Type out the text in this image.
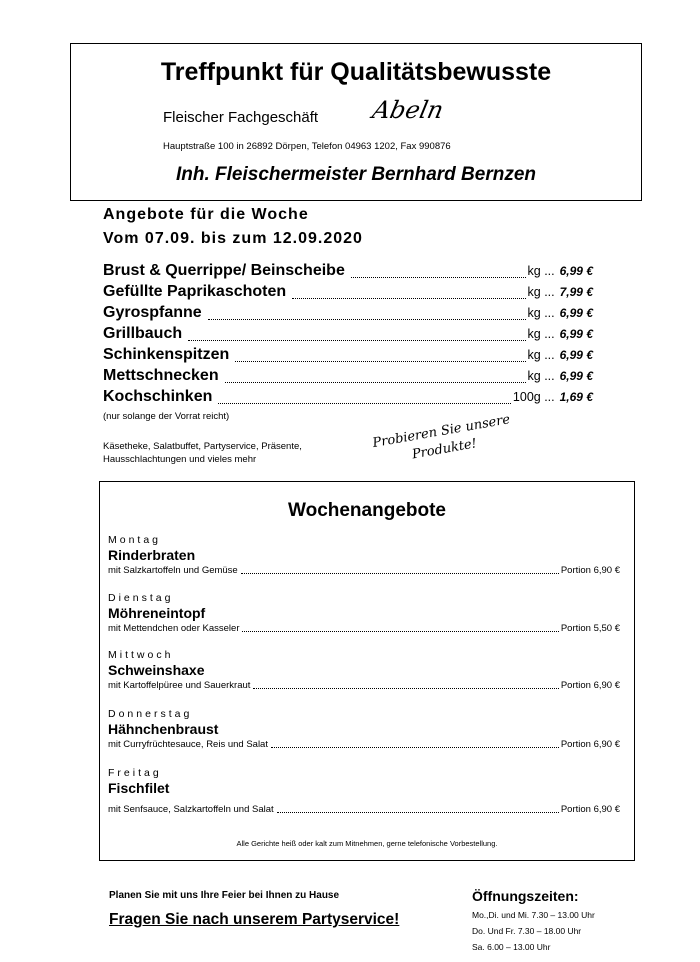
Treffpunkt für Qualitätsbewusste
Fleischer Fachgeschäft Abeln
Hauptstraße 100 in 26892 Dörpen, Telefon 04963 1202, Fax 990876
Inh. Fleischermeister Bernhard Bernzen
Angebote für die Woche
Vom 07.09. bis zum 12.09.2020
Brust & Querrippe/ Beinscheibe	kg ... 6,99 €
Gefüllte Paprikaschoten	kg ... 7,99 €
Gyrospfanne	kg ... 6,99 €
Grillbauch	kg ... 6,99 €
Schinkenspitzen	kg ... 6,99 €
Mettschnecken	kg ... 6,99 €
Kochschinken	100g ... 1,69 €
(nur solange der Vorrat reicht)
Käsetheke, Salatbuffet, Partyservice, Präsente, Hausschlachtungen und vieles mehr
Probieren Sie unsere Produkte!
Wochenangebote
Montag
Rinderbraten
mit Salzkartoffeln und Gemüse	Portion 6,90 €
Dienstag
Möhreneintopf
mit Mettendchen oder Kasseler	Portion 5,50 €
Mittwoch
Schweinshaxe
mit Kartoffelpüree und Sauerkraut	Portion 6,90 €
Donnerstag
Hähnchenbraust
mit Curryfrüchtesauce, Reis und Salat	Portion 6,90 €
Freitag
Fischfilet
mit Senfsauce, Salzkartoffeln und Salat	Portion 6,90 €
Alle Gerichte heiß oder kalt zum Mitnehmen, gerne telefonische Vorbestellung.
Planen Sie mit uns Ihre Feier bei Ihnen zu Hause
Fragen Sie nach unserem Partyservice!
Öffnungszeiten:
Mo.,Di. und Mi. 7.30 – 13.00 Uhr
Do. Und Fr. 7.30 – 18.00 Uhr
Sa. 6.00 – 13.00 Uhr
